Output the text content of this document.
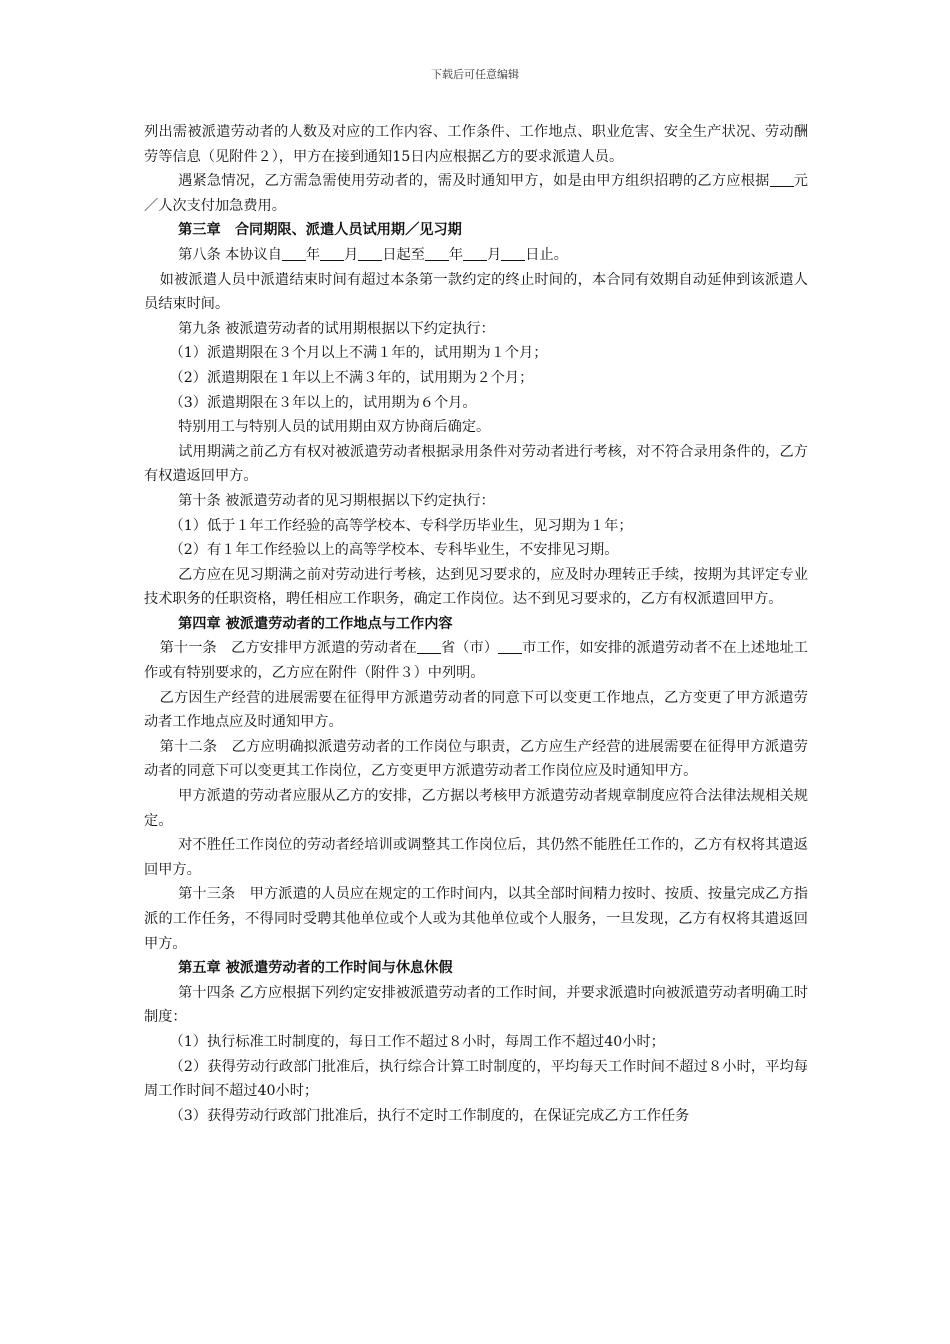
下载后可任意编辑

列出需被派遣劳动者的人数及对应的工作内容、工作条件、工作地点、职业危害、安全生产状况、劳动酬劳等信息（见附件２），甲方在接到通知15日内应根据乙方的要求派遣人员。

遇紧急情况，乙方需急需使用劳动者的，需及时通知甲方，如是由甲方组织招聘的乙方应根据 元／人次支付加急费用。

第三章　合同期限、派遣人员试用期／见习期

第八条 本协议自 年 月 日起至 年 月 日止。

如被派遣人员中派遣结束时间有超过本条第一款约定的终止时间的，本合同有效期自动延伸到该派遣人员结束时间。

第九条 被派遣劳动者的试用期根据以下约定执行：

（1）派遣期限在３个月以上不满１年的，试用期为１个月；

（2）派遣期限在１年以上不满３年的，试用期为２个月；

（3）派遣期限在３年以上的，试用期为６个月。

特别用工与特别人员的试用期由双方协商后确定。

试用期满之前乙方有权对被派遣劳动者根据录用条件对劳动者进行考核，对不符合录用条件的，乙方有权遣返回甲方。

第十条 被派遣劳动者的见习期根据以下约定执行：

（1）低于１年工作经验的高等学校本、专科学历毕业生，见习期为１年；

（2）有１年工作经验以上的高等学校本、专科毕业生，不安排见习期。

乙方应在见习期满之前对劳动进行考核，达到见习要求的，应及时办理转正手续，按期为其评定专业技术职务的任职资格，聘任相应工作职务，确定工作岗位。达不到见习要求的，乙方有权派遣回甲方。

第四章 被派遣劳动者的工作地点与工作内容

第十一条　乙方安排甲方派遣的劳动者在 省（市） 市工作，如安排的派遣劳动者不在上述地址工作或有特别要求的，乙方应在附件（附件３）中列明。

乙方因生产经营的进展需要在征得甲方派遣劳动者的同意下可以变更工作地点，乙方变更了甲方派遣劳动者工作地点应及时通知甲方。

第十二条　乙方应明确拟派遣劳动者的工作岗位与职责，乙方应生产经营的进展需要在征得甲方派遣劳动者的同意下可以变更其工作岗位，乙方变更甲方派遣劳动者工作岗位应及时通知甲方。

甲方派遣的劳动者应服从乙方的安排，乙方据以考核甲方派遣劳动者规章制度应符合法律法规相关规定。

对不胜任工作岗位的劳动者经培训或调整其工作岗位后，其仍然不能胜任工作的，乙方有权将其遣返回甲方。

第十三条　甲方派遣的人员应在规定的工作时间内，以其全部时间精力按时、按质、按量完成乙方指派的工作任务，不得同时受聘其他单位或个人或为其他单位或个人服务，一旦发现，乙方有权将其遣返回甲方。

第五章 被派遣劳动者的工作时间与休息休假

第十四条 乙方应根据下列约定安排被派遣劳动者的工作时间，并要求派遣时向被派遣劳动者明确工时制度：

（1）执行标准工时制度的，每日工作不超过８小时，每周工作不超过40小时；

（2）获得劳动行政部门批准后，执行综合计算工时制度的，平均每天工作时间不超过８小时，平均每周工作时间不超过40小时；

（3）获得劳动行政部门批准后，执行不定时工作制度的，在保证完成乙方工作任务
